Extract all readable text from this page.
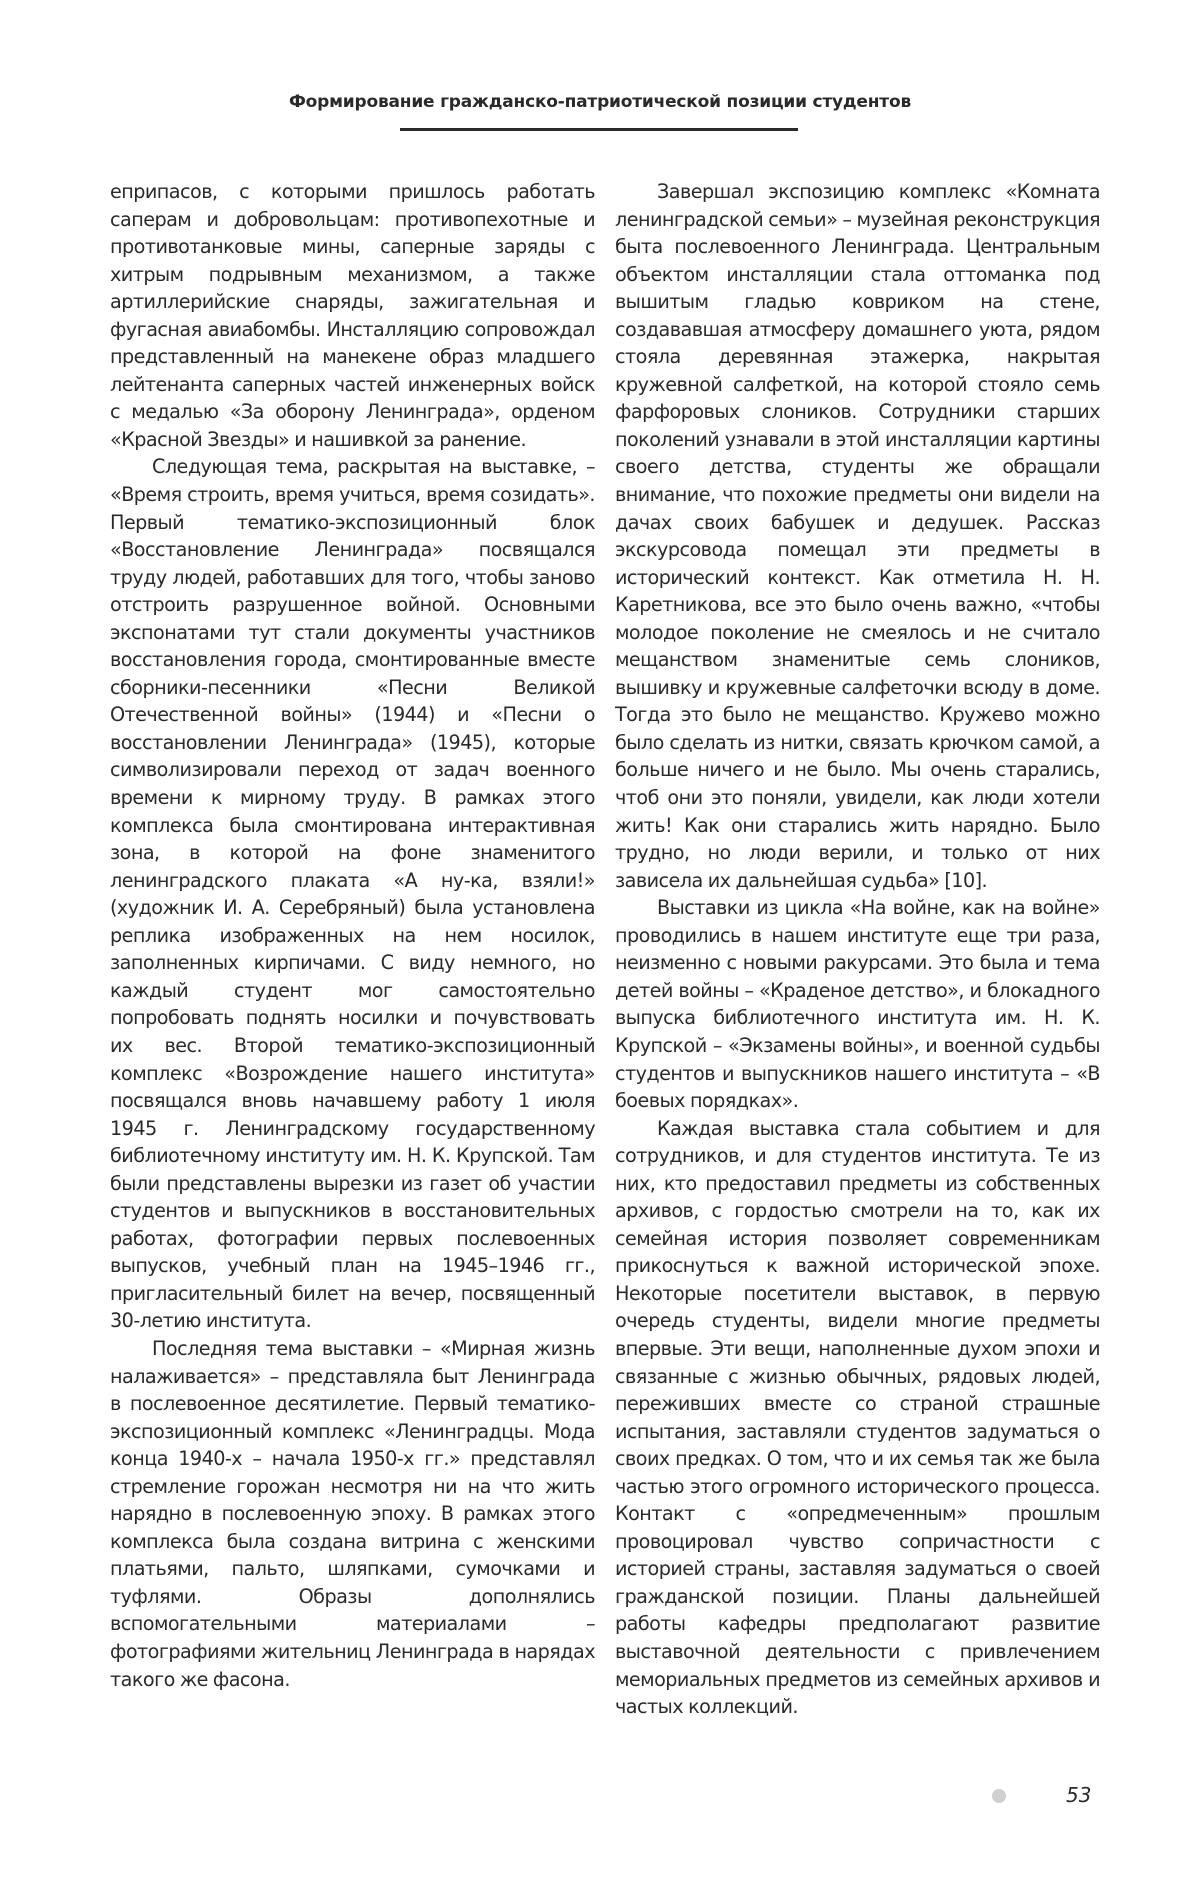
Формирование гражданско-патриотической позиции студентов

еприпасов, с которыми пришлось работать саперам и добровольцам: противопехотные и противотанковые мины, саперные заряды с хитрым подрывным механизмом, а также артиллерийские снаряды, зажигательная и фугасная авиабомбы. Инсталляцию сопровождал представленный на манекене образ младшего лейтенанта саперных частей инженерных войск с медалью «За оборону Ленинграда», орденом «Красной Звезды» и нашивкой за ранение.

Следующая тема, раскрытая на выставке, – «Время строить, время учиться, время созидать». Первый тематико-экспозиционный блок «Восстановление Ленинграда» посвящался труду людей, работавших для того, чтобы заново отстроить разрушенное войной. Основными экспонатами тут стали документы участников восстановления города, смонтированные вместе сборники-песенники «Песни Великой Отечественной войны» (1944) и «Песни о восстановлении Ленинграда» (1945), которые символизировали переход от задач военного времени к мирному труду. В рамках этого комплекса была смонтирована интерактивная зона, в которой на фоне знаменитого ленинградского плаката «А ну-ка, взяли!» (художник И. А. Серебряный) была установлена реплика изображенных на нем носилок, заполненных кирпичами. С виду немного, но каждый студент мог самостоятельно попробовать поднять носилки и почувствовать их вес. Второй тематико-экспозиционный комплекс «Возрождение нашего института» посвящался вновь начавшему работу 1 июля 1945 г. Ленинградскому государственному библиотечному институту им. Н. К. Крупской. Там были представлены вырезки из газет об участии студентов и выпускников в восстановительных работах, фотографии первых послевоенных выпусков, учебный план на 1945–1946 гг., пригласительный билет на вечер, посвященный 30-летию института.

Последняя тема выставки – «Мирная жизнь налаживается» – представляла быт Ленинграда в послевоенное десятилетие. Первый тематико-экспозиционный комплекс «Ленинградцы. Мода конца 1940-х – начала 1950-х гг.» представлял стремление горожан несмотря ни на что жить нарядно в послевоенную эпоху. В рамках этого комплекса была создана витрина с женскими платьями, пальто, шляпками, сумочками и туфлями. Образы дополнялись вспомогательными материалами – фотографиями жительниц Ленинграда в нарядах такого же фасона.

Завершал экспозицию комплекс «Комната ленинградской семьи» – музейная реконструкция быта послевоенного Ленинграда. Центральным объектом инсталляции стала оттоманка под вышитым гладью ковриком на стене, создававшая атмосферу домашнего уюта, рядом стояла деревянная этажерка, накрытая кружевной салфеткой, на которой стояло семь фарфоровых слоников. Сотрудники старших поколений узнавали в этой инсталляции картины своего детства, студенты же обращали внимание, что похожие предметы они видели на дачах своих бабушек и дедушек. Рассказ экскурсовода помещал эти предметы в исторический контекст. Как отметила Н. Н. Каретникова, все это было очень важно, «чтобы молодое поколение не смеялось и не считало мещанством знаменитые семь слоников, вышивку и кружевные салфеточки всюду в доме. Тогда это было не мещанство. Кружево можно было сделать из нитки, связать крючком самой, а больше ничего и не было. Мы очень старались, чтоб они это поняли, увидели, как люди хотели жить! Как они старались жить нарядно. Было трудно, но люди верили, и только от них зависела их дальнейшая судьба» [10].

Выставки из цикла «На войне, как на войне» проводились в нашем институте еще три раза, неизменно с новыми ракурсами. Это была и тема детей войны – «Краденое детство», и блокадного выпуска библиотечного института им. Н. К. Крупской – «Экзамены войны», и военной судьбы студентов и выпускников нашего института – «В боевых порядках».

Каждая выставка стала событием и для сотрудников, и для студентов института. Те из них, кто предоставил предметы из собственных архивов, с гордостью смотрели на то, как их семейная история позволяет современникам прикоснуться к важной исторической эпохе. Некоторые посетители выставок, в первую очередь студенты, видели многие предметы впервые. Эти вещи, наполненные духом эпохи и связанные с жизнью обычных, рядовых людей, переживших вместе со страной страшные испытания, заставляли студентов задуматься о своих предках. О том, что и их семья так же была частью этого огромного исторического процесса. Контакт с «опредмеченным» прошлым провоцировал чувство сопричастности с историей страны, заставляя задуматься о своей гражданской позиции. Планы дальнейшей работы кафедры предполагают развитие выставочной деятельности с привлечением мемориальных предметов из семейных архивов и частых коллекций.

53
